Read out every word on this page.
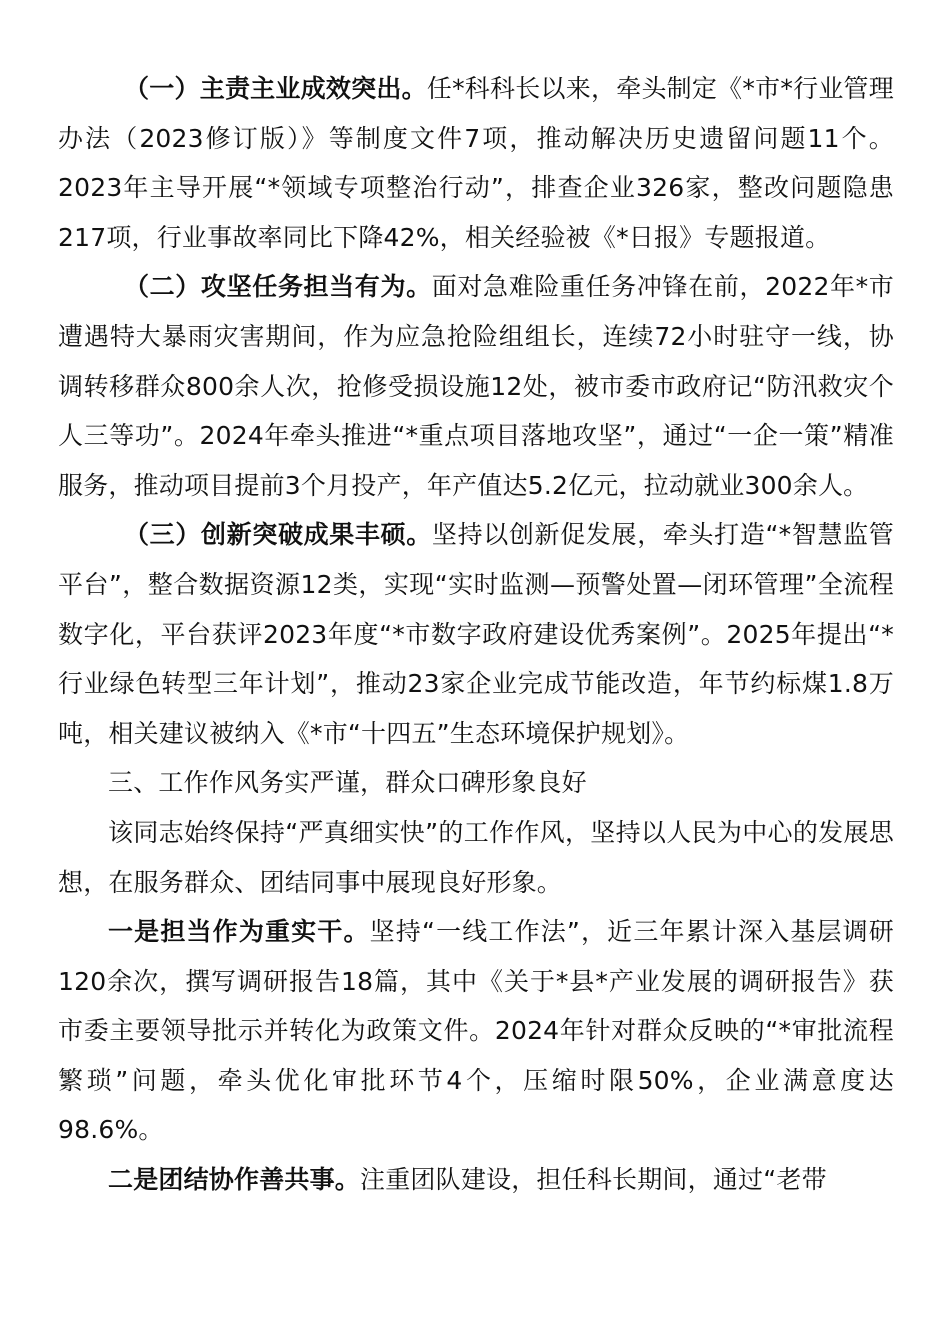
（一）主责主业成效突出。任*科科长以来，牵头制定《*市*行业管理办法（2023修订版）》等制度文件7项，推动解决历史遗留问题11个。2023年主导开展“*领域专项整治行动”，排查企业326家，整改问题隐患217项，行业事故率同比下降42%，相关经验被《*日报》专题报道。

（二）攻坚任务担当有为。面对急难险重任务冲锋在前，2022年*市遭遇特大暴雨灾害期间，作为应急抢险组组长，连续72小时驻守一线，协调转移群众800余人次，抢修受损设施12处，被市委市政府记“防汛救灾个人三等功”。2024年牵头推进“*重点项目落地攻坚”，通过“一企一策”精准服务，推动项目提前3个月投产，年产值达5.2亿元，拉动就业300余人。

（三）创新突破成果丰硕。坚持以创新促发展，牵头打造“*智慧监管平台”，整合数据资源12类，实现“实时监测—预警处置—闭环管理”全流程数字化，平台获评2023年度“*市数字政府建设优秀案例”。2025年提出“*行业绿色转型三年计划”，推动23家企业完成节能改造，年节约标煤1.8万吨，相关建议被纳入《*市“十四五”生态环境保护规划》。

三、工作作风务实严谨，群众口碑形象良好

该同志始终保持“严真细实快”的工作作风，坚持以人民为中心的发展思想，在服务群众、团结同事中展现良好形象。

一是担当作为重实干。坚持“一线工作法”，近三年累计深入基层调研120余次，撰写调研报告18篇，其中《关于*县*产业发展的调研报告》获市委主要领导批示并转化为政策文件。2024年针对群众反映的“*审批流程繁琐”问题，牵头优化审批环节4个，压缩时限50%，企业满意度达98.6%。

二是团结协作善共事。注重团队建设，担任科长期间，通过“老带
